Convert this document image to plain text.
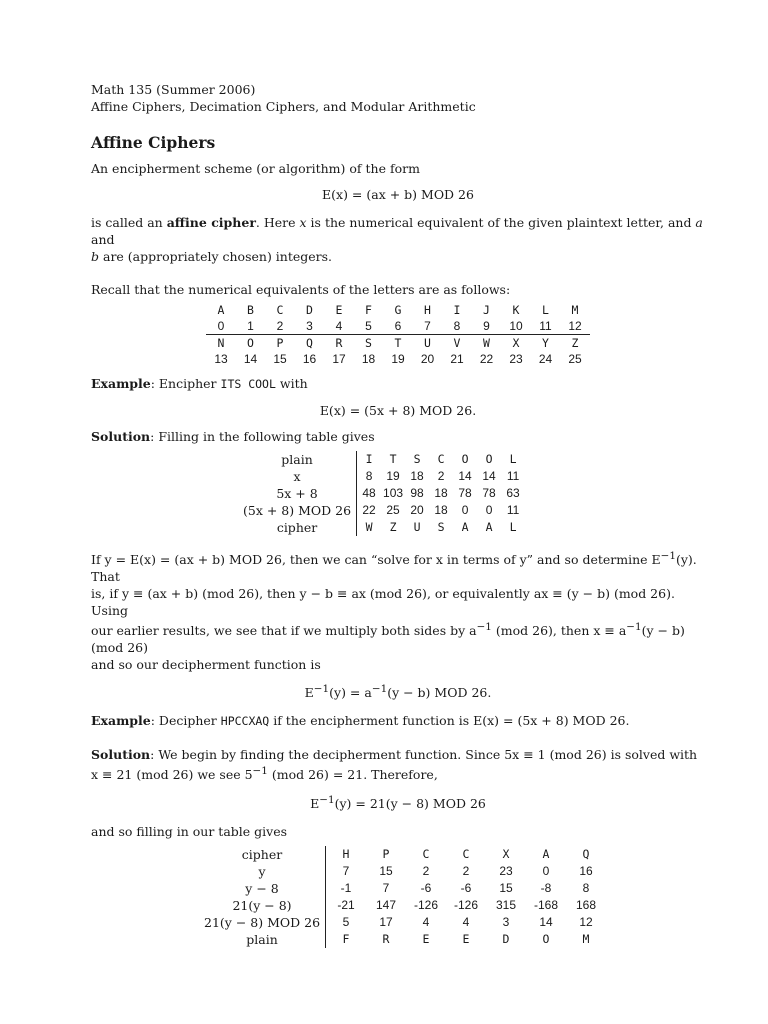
Math 135 (Summer 2006)
Affine Ciphers, Decimation Ciphers, and Modular Arithmetic
Affine Ciphers

An encipherment scheme (or algorithm) of the form

E(x) = (ax + b) MOD 26

is called an affine cipher. Here x is the numerical equivalent of the given plaintext letter, and a and
b are (appropriately chosen) integers.

Recall that the numerical equivalents of the letters are as follows:

A	B	C	D	E	F	G	H	I	J	K	L	M
0	1	2	3	4	5	6	7	8	9	10	11	12
N	O	P	Q	R	S	T	U	V	W	X	Y	Z
13	14	15	16	17	18	19	20	21	22	23	24	25

Example: Encipher ITS COOL with

E(x) = (5x + 8) MOD 26.

Solution: Filling in the following table gives

plain	I	T	S	C	O	O	L
x	8	19	18	2	14	14	11
5x + 8	48	103	98	18	78	78	63
(5x + 8) MOD 26	22	25	20	18	0	0	11
cipher	W	Z	U	S	A	A	L

If y = E(x) = (ax + b) MOD 26, then we can “solve for x in terms of y” and so determine $E^{-1}(y)$. That
is, if y ≡ (ax + b) (mod 26), then y − b ≡ ax (mod 26), or equivalently ax ≡ (y − b) (mod 26). Using
our earlier results, we see that if we multiply both sides by $a^{-1}$ (mod 26), then $x \equiv a^{-1}(y - b)$ (mod 26)
and so our decipherment function is

$E^{-1}(y) = a^{-1}(y - b)$ MOD 26.

Example: Decipher HPCCXAQ if the encipherment function is E(x) = (5x + 8) MOD 26.

Solution: We begin by finding the decipherment function. Since 5x ≡ 1 (mod 26) is solved with
x ≡ 21 (mod 26) we see $5^{-1}$ (mod 26) = 21. Therefore,

$E^{-1}(y) = 21(y - 8)$ MOD 26

and so filling in our table gives

cipher	H	P	C	C	X	A	Q
y	7	15	2	2	23	0	16
y − 8	-1	7	-6	-6	15	-8	8
21(y − 8)	-21	147	-126	-126	315	-168	168
21(y − 8) MOD 26	5	17	4	4	3	14	12
plain	F	R	E	E	D	O	M
